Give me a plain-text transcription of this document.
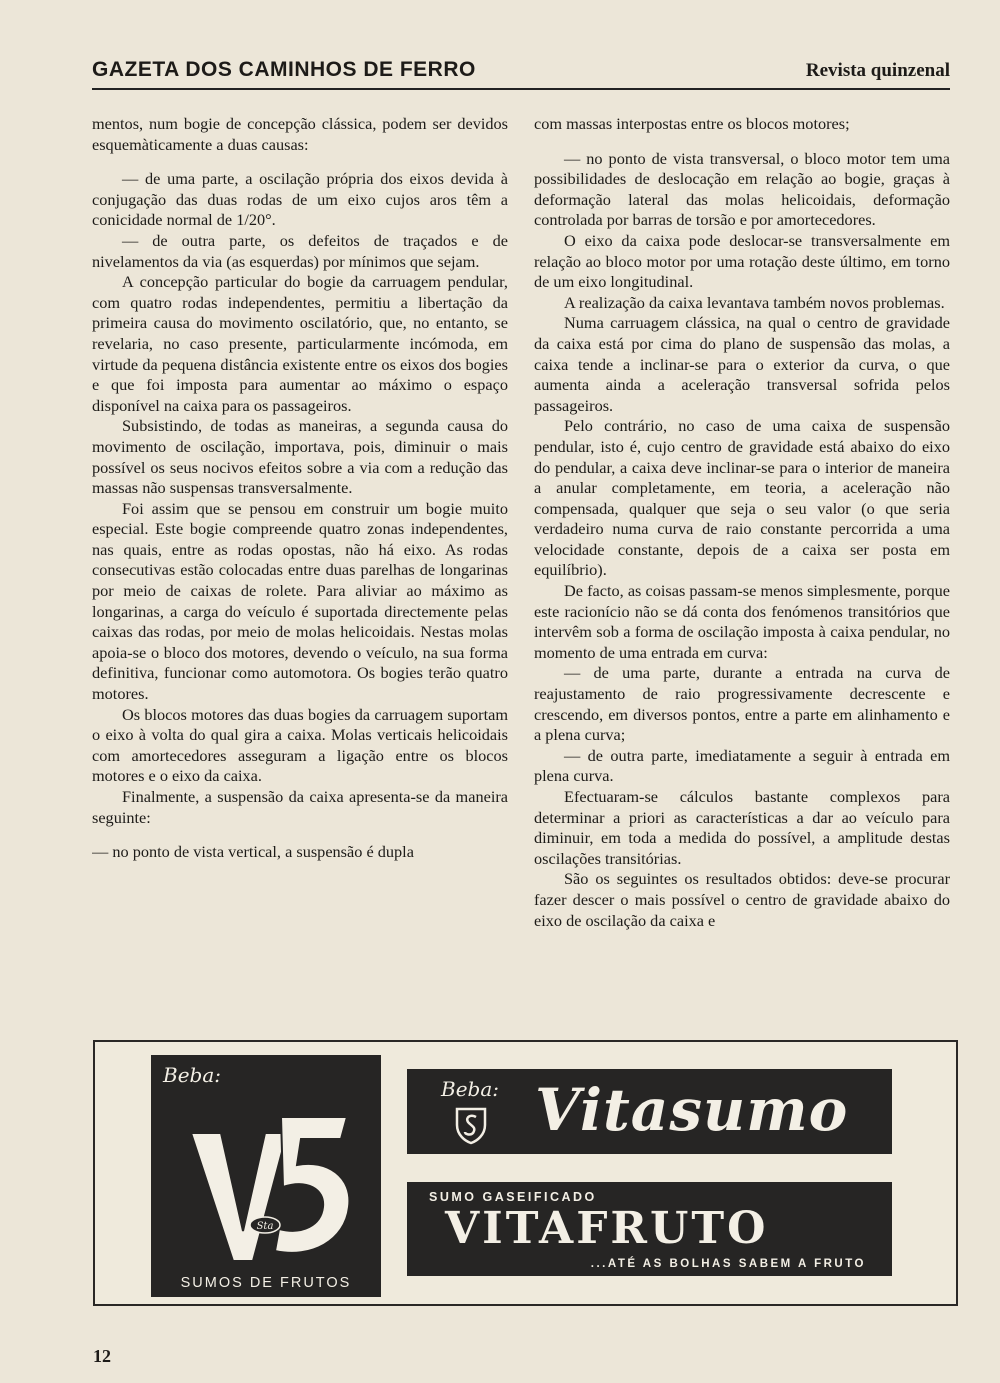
GAZETA DOS CAMINHOS DE FERRO	Revista quinzenal

mentos, num bogie de concepção clássica, podem ser devidos esquemàticamente a duas causas:

— de uma parte, a oscilação própria dos eixos devida à conjugação das duas rodas de um eixo cujos aros têm a conicidade normal de 1/20°.

— de outra parte, os defeitos de traçados e de nivelamentos da via (as esquerdas) por mínimos que sejam.

A concepção particular do bogie da carruagem pendular, com quatro rodas independentes, permitiu a libertação da primeira causa do movimento oscilatório, que, no entanto, se revelaria, no caso presente, particularmente incómoda, em virtude da pequena distância existente entre os eixos dos bogies e que foi imposta para aumentar ao máximo o espaço disponível na caixa para os passageiros.

Subsistindo, de todas as maneiras, a segunda causa do movimento de oscilação, importava, pois, diminuir o mais possível os seus nocivos efeitos sobre a via com a redução das massas não suspensas transversalmente.

Foi assim que se pensou em construir um bogie muito especial. Este bogie compreende quatro zonas independentes, nas quais, entre as rodas opostas, não há eixo. As rodas consecutivas estão colocadas entre duas parelhas de longarinas por meio de caixas de rolete. Para aliviar ao máximo as longarinas, a carga do veículo é suportada directemente pelas caixas das rodas, por meio de molas helicoidais. Nestas molas apoia-se o bloco dos motores, devendo o veículo, na sua forma definitiva, funcionar como automotora. Os bogies terão quatro motores.

Os blocos motores das duas bogies da carruagem suportam o eixo à volta do qual gira a caixa. Molas verticais helicoidais com amortecedores asseguram a ligação entre os blocos motores e o eixo da caixa.

Finalmente, a suspensão da caixa apresenta-se da maneira seguinte:

— no ponto de vista vertical, a suspensão é dupla

com massas interpostas entre os blocos motores;

— no ponto de vista transversal, o bloco motor tem uma possibilidades de deslocação em relação ao bogie, graças à deformação lateral das molas helicoidais, deformação controlada por barras de torsão e por amortecedores.

O eixo da caixa pode deslocar-se transversalmente em relação ao bloco motor por uma rotação deste último, em torno de um eixo longitudinal.

A realização da caixa levantava também novos problemas.

Numa carruagem clássica, na qual o centro de gravidade da caixa está por cima do plano de suspensão das molas, a caixa tende a inclinar-se para o exterior da curva, o que aumenta ainda a aceleração transversal sofrida pelos passageiros.

Pelo contrário, no caso de uma caixa de suspensão pendular, isto é, cujo centro de gravidade está abaixo do eixo do pendular, a caixa deve inclinar-se para o interior de maneira a anular completamente, em teoria, a aceleração não compensada, qualquer que seja o seu valor (o que seria verdadeiro numa curva de raio constante percorrida a uma velocidade constante, depois de a caixa ser posta em equilíbrio).

De facto, as coisas passam-se menos simplesmente, porque este racionício não se dá conta dos fenómenos transitórios que intervêm sob a forma de oscilação imposta à caixa pendular, no momento de uma entrada em curva:

— de uma parte, durante a entrada na curva de reajustamento de raio progressivamente decrescente e crescendo, em diversos pontos, entre a parte em alinhamento e a plena curva;

— de outra parte, imediatamente a seguir à entrada em plena curva.

Efectuaram-se cálculos bastante complexos para determinar a priori as características a dar ao veículo para diminuir, em toda a medida do possível, a amplitude destas oscilações transitórias.

São os seguintes os resultados obtidos: deve-se procurar fazer descer o mais possível o centro de gravidade abaixo do eixo de oscilação da caixa e

Beba:
Sta
V5
SUMOS DE FRUTOS
Beba: Vitasumo
SUMO GASEIFICADO
VITAFRUTO
...ATÉ AS BOLHAS SABEM A FRUTO
12
